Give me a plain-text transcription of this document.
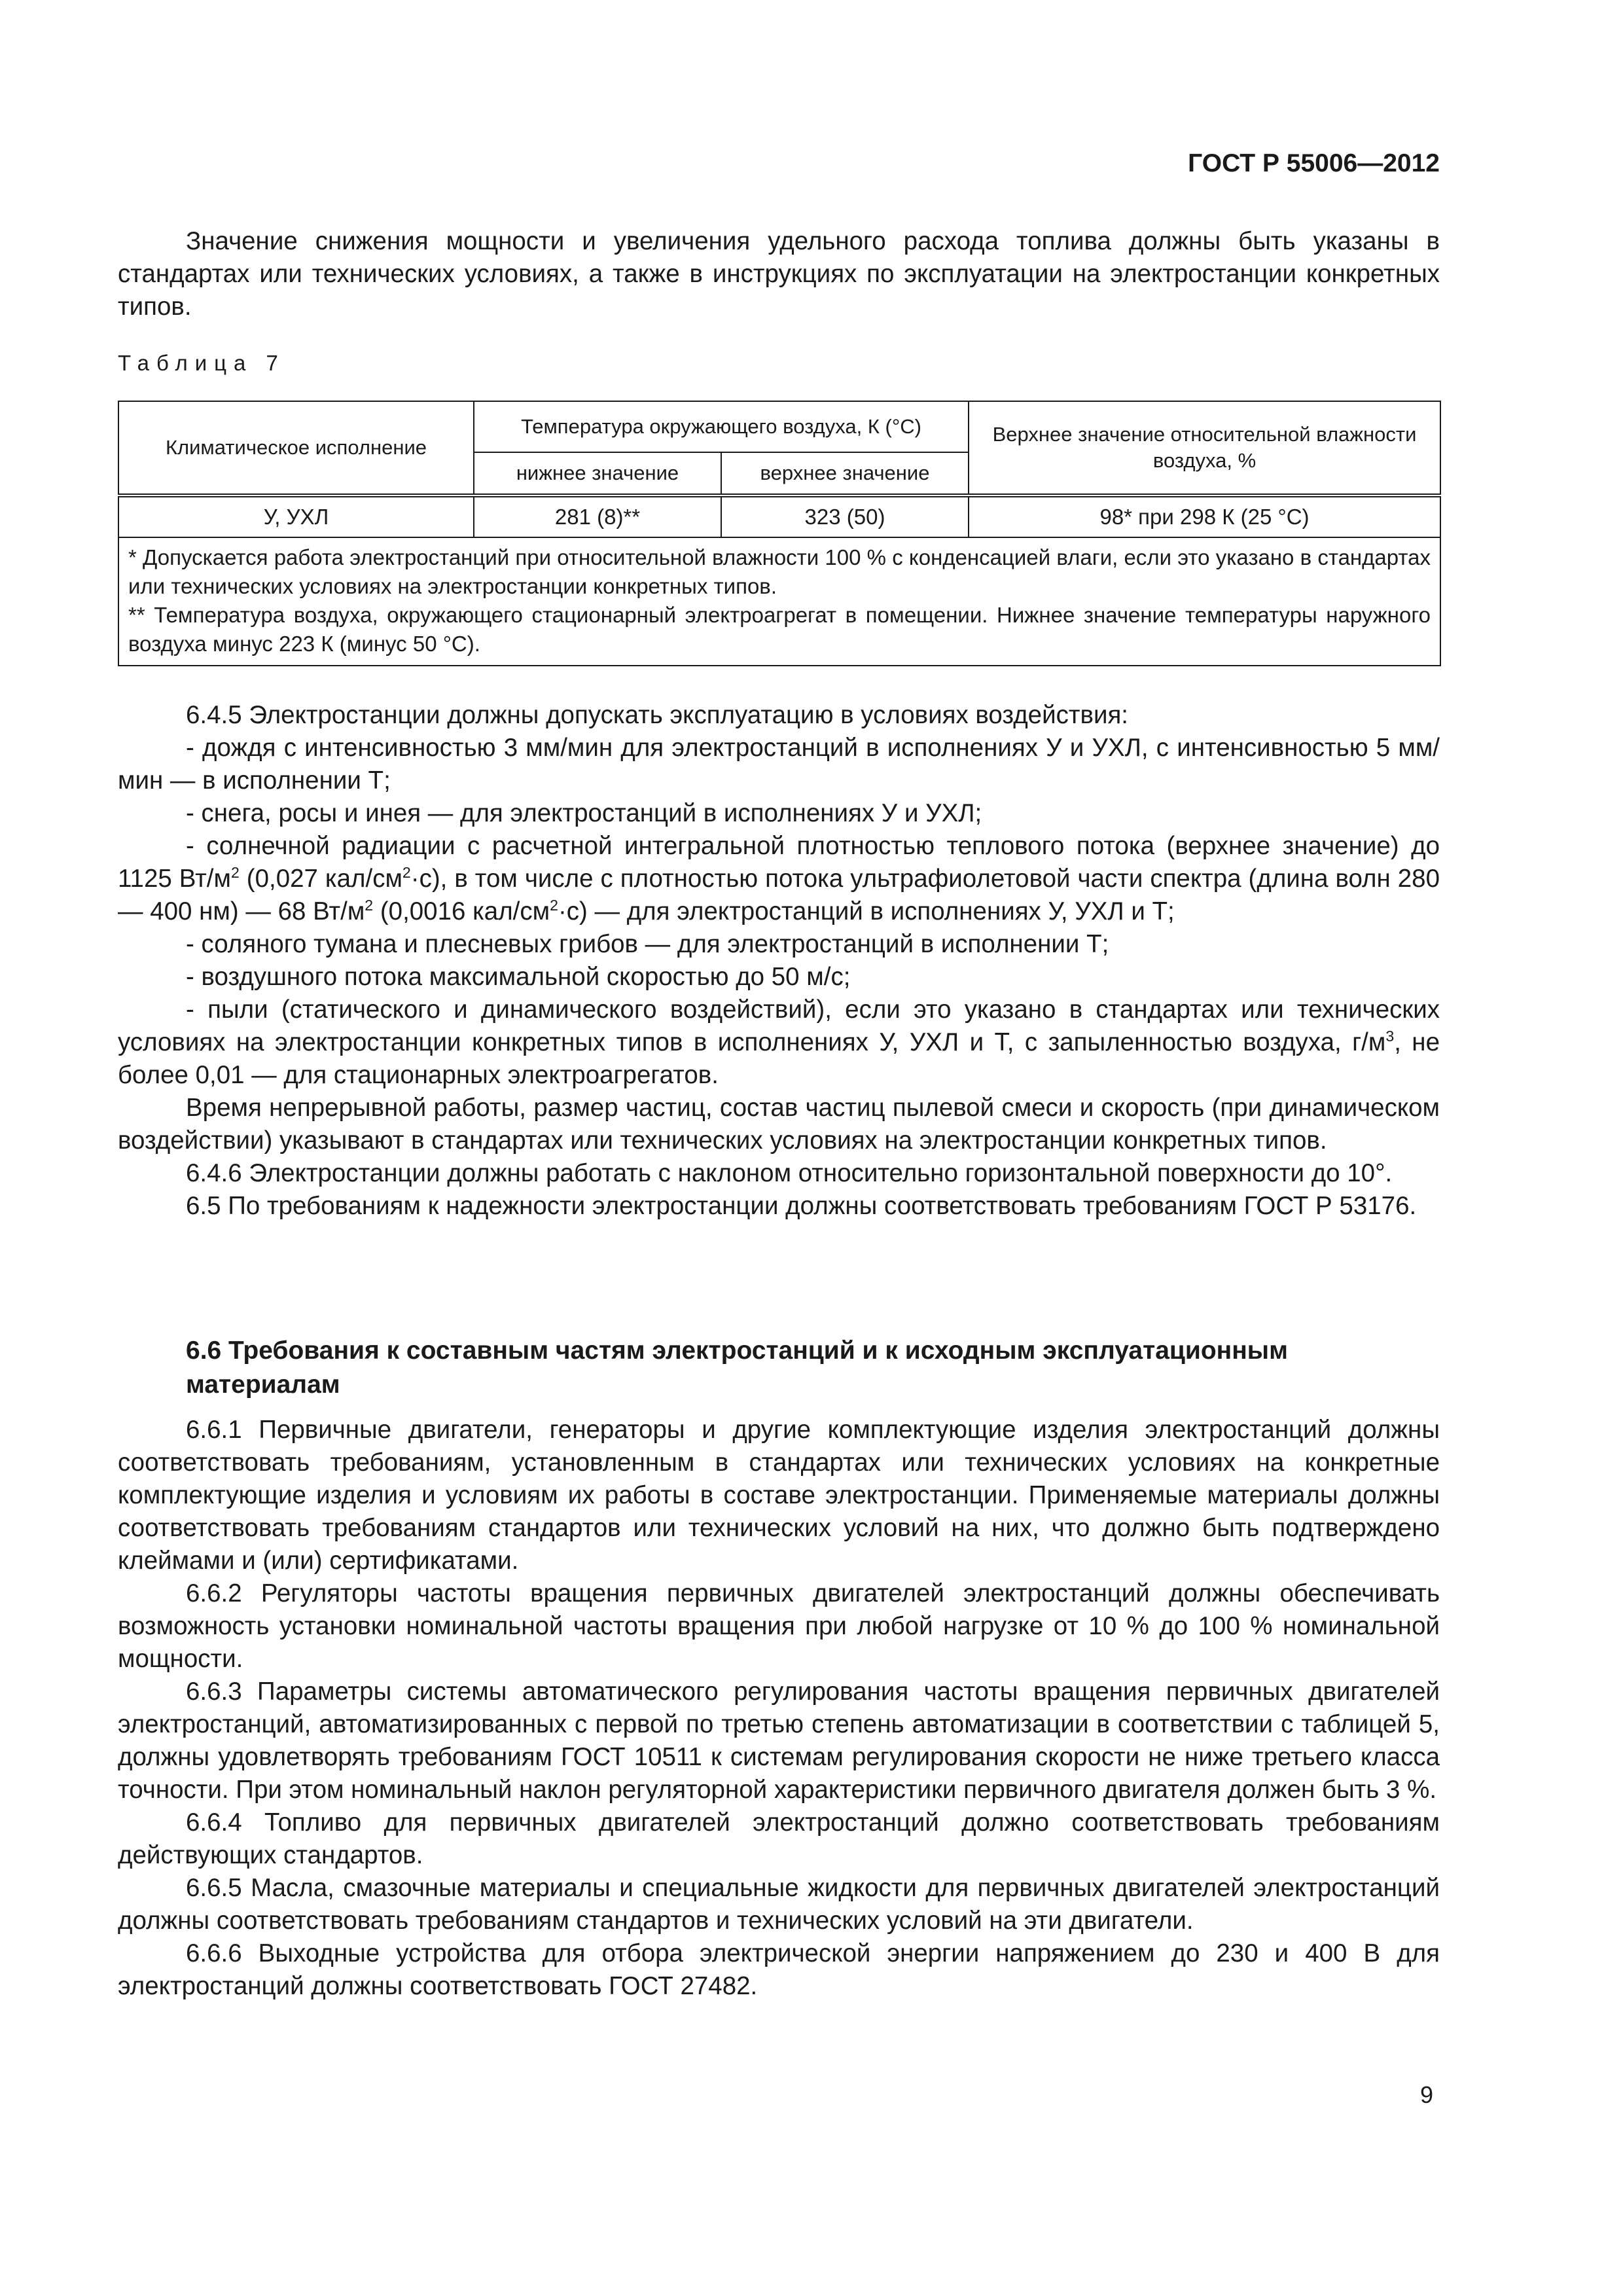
ГОСТ Р 55006—2012

Значение снижения мощности и увеличения удельного расхода топлива должны быть указаны в стандартах или технических условиях, а также в инструкциях по эксплуатации на электростанции конкретных типов.

Таблица 7
Климатическое исполнение	Температура окружающего воздуха, К (°С)		Верхнее значение относительной влажности воздуха, %
	нижнее значение	верхнее значение	
У, УХЛ	281 (8)**	323 (50)	98* при 298 К (25 °С)

* Допускается работа электростанций при относительной влажности 100 % с конденсацией влаги, если это указано в стандартах или технических условиях на электростанции конкретных типов.
** Температура воздуха, окружающего стационарный электроагрегат в помещении. Нижнее значение температуры наружного воздуха минус 223 К (минус 50 °С).			

6.4.5 Электростанции должны допускать эксплуатацию в условиях воздействия:

- дождя с интенсивностью 3 мм/мин для электростанций в исполнениях У и УХЛ, с интенсивностью 5 мм/мин — в исполнении Т;

- снега, росы и инея — для электростанций в исполнениях У и УХЛ;

- солнечной радиации с расчетной интегральной плотностью теплового потока (верхнее значение) до 1125 $Вт/м^2$ (0,027 кал/$см^2\cdot с$), в том числе с плотностью потока ультрафиолетовой части спектра (длина волн 280 — 400 нм) — 68 $Вт/м^2$ (0,0016 кал/$см^2\cdot с$) — для электростанций в исполнениях У, УХЛ и Т;

- соляного тумана и плесневых грибов — для электростанций в исполнении Т;

- воздушного потока максимальной скоростью до 50 м/с;

- пыли (статического и динамического воздействий), если это указано в стандартах или технических условиях на электростанции конкретных типов в исполнениях У, УХЛ и Т, с запыленностью воздуха, $г/м^3$, не более 0,01 — для стационарных электроагрегатов.

Время непрерывной работы, размер частиц, состав частиц пылевой смеси и скорость (при динамическом воздействии) указывают в стандартах или технических условиях на электростанции конкретных типов.

6.4.6 Электростанции должны работать с наклоном относительно горизонтальной поверхности до 10°.

6.5 По требованиям к надежности электростанции должны соответствовать требованиям ГОСТ Р 53176.

6.6 Требования к составным частям электростанций и к исходным эксплуатационным материалам

6.6.1 Первичные двигатели, генераторы и другие комплектующие изделия электростанций должны соответствовать требованиям, установленным в стандартах или технических условиях на конкретные комплектующие изделия и условиям их работы в составе электростанции. Применяемые материалы должны соответствовать требованиям стандартов или технических условий на них, что должно быть подтверждено клеймами и (или) сертификатами.

6.6.2 Регуляторы частоты вращения первичных двигателей электростанций должны обеспечивать возможность установки номинальной частоты вращения при любой нагрузке от 10 % до 100 % номинальной мощности.

6.6.3 Параметры системы автоматического регулирования частоты вращения первичных двигателей электростанций, автоматизированных с первой по третью степень автоматизации в соответствии с таблицей 5, должны удовлетворять требованиям ГОСТ 10511 к системам регулирования скорости не ниже третьего класса точности. При этом номинальный наклон регуляторной характеристики первичного двигателя должен быть 3 %.

6.6.4 Топливо для первичных двигателей электростанций должно соответствовать требованиям действующих стандартов.

6.6.5 Масла, смазочные материалы и специальные жидкости для первичных двигателей электростанций должны соответствовать требованиям стандартов и технических условий на эти двигатели.

6.6.6 Выходные устройства для отбора электрической энергии напряжением до 230 и 400 В для электростанций должны соответствовать ГОСТ 27482.

9
